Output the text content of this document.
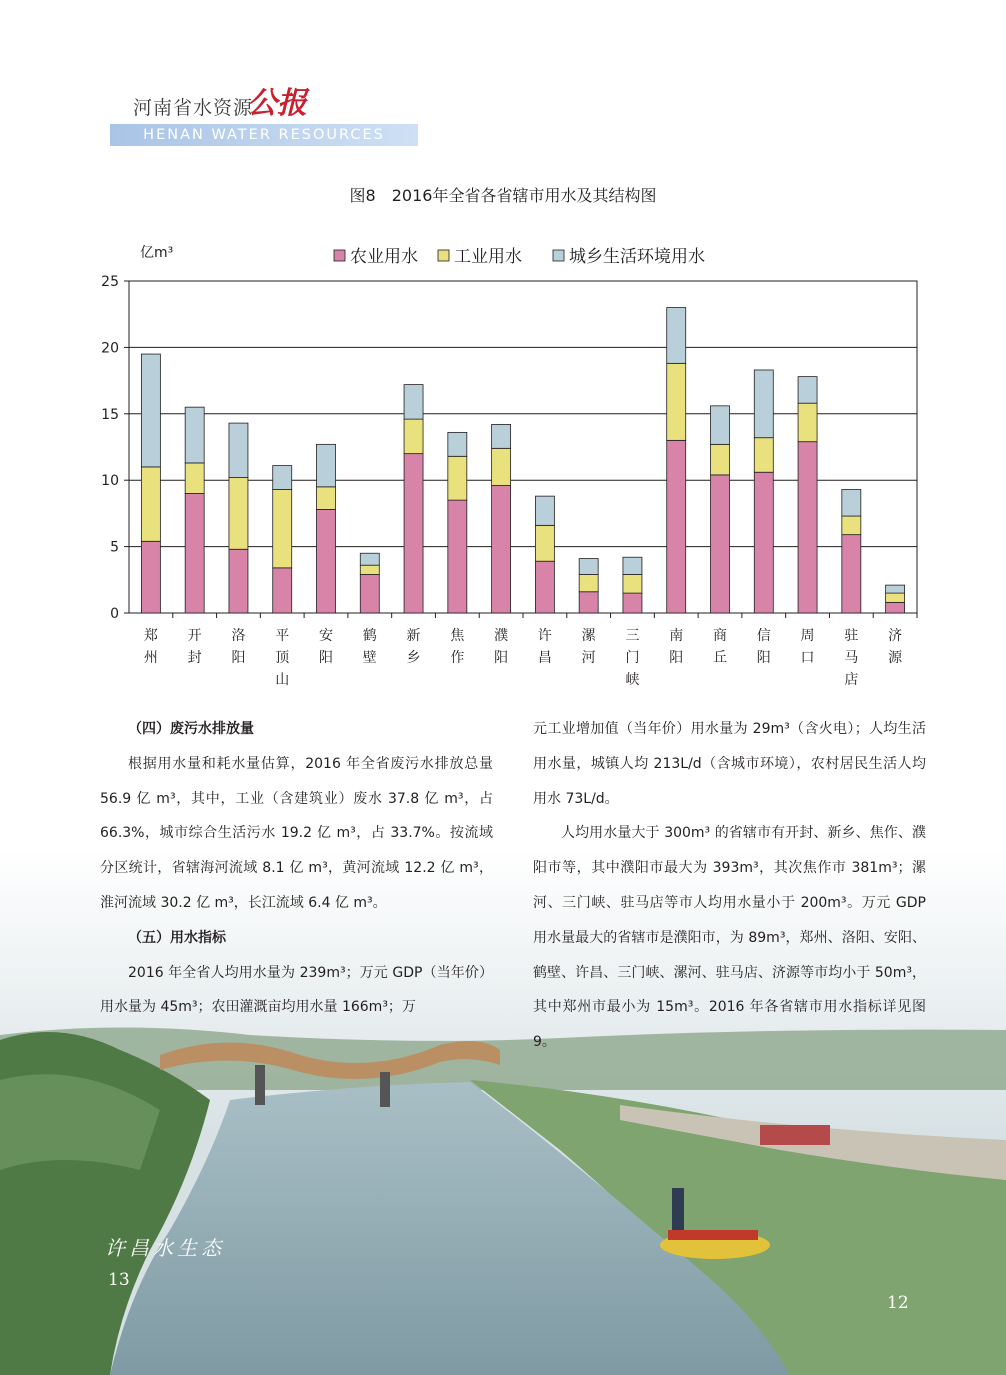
河南省水资源
公报
HENAN WATER RESOURCES BULLETIN
图8　2016年全省各省辖市用水及其结构图
0
5
10
15
20
25
亿m³
郑州
开封
洛阳
平顶山
安阳
鹤壁
新乡
焦作
濮阳
许昌
漯河
三门峡
南阳
商丘
信阳
周口
驻马店
济源
农业用水 工业用水	城乡生活环境用水

（四）废污水排放量

根据用水量和耗水量估算，2016 年全省废污水排放总量 56.9 亿 m³，其中，工业（含建筑业）废水 37.8 亿 m³，占 66.3%，城市综合生活污水 19.2 亿 m³，占 33.7%。按流域分区统计，省辖海河流域 8.1 亿 m³，黄河流域 12.2 亿 m³，淮河流域 30.2 亿 m³，长江流域 6.4 亿 m³。

（五）用水指标

2016 年全省人均用水量为 239m³；万元 GDP（当年价）用水量为 45m³；农田灌溉亩均用水量 166m³；万

元工业增加值（当年价）用水量为 29m³（含火电）；人均生活用水量，城镇人均 213L/d（含城市环境），农村居民生活人均用水 73L/d。

人均用水量大于 300m³ 的省辖市有开封、新乡、焦作、濮阳市等，其中濮阳市最大为 393m³，其次焦作市 381m³；漯河、三门峡、驻马店等市人均用水量小于 200m³。万元 GDP 用水量最大的省辖市是濮阳市，为 89m³，郑州、洛阳、安阳、鹤壁、许昌、三门峡、漯河、驻马店、济源等市均小于 50m³，其中郑州市最小为 15m³。2016 年各省辖市用水指标详见图 9。

许昌水生态
13
12
